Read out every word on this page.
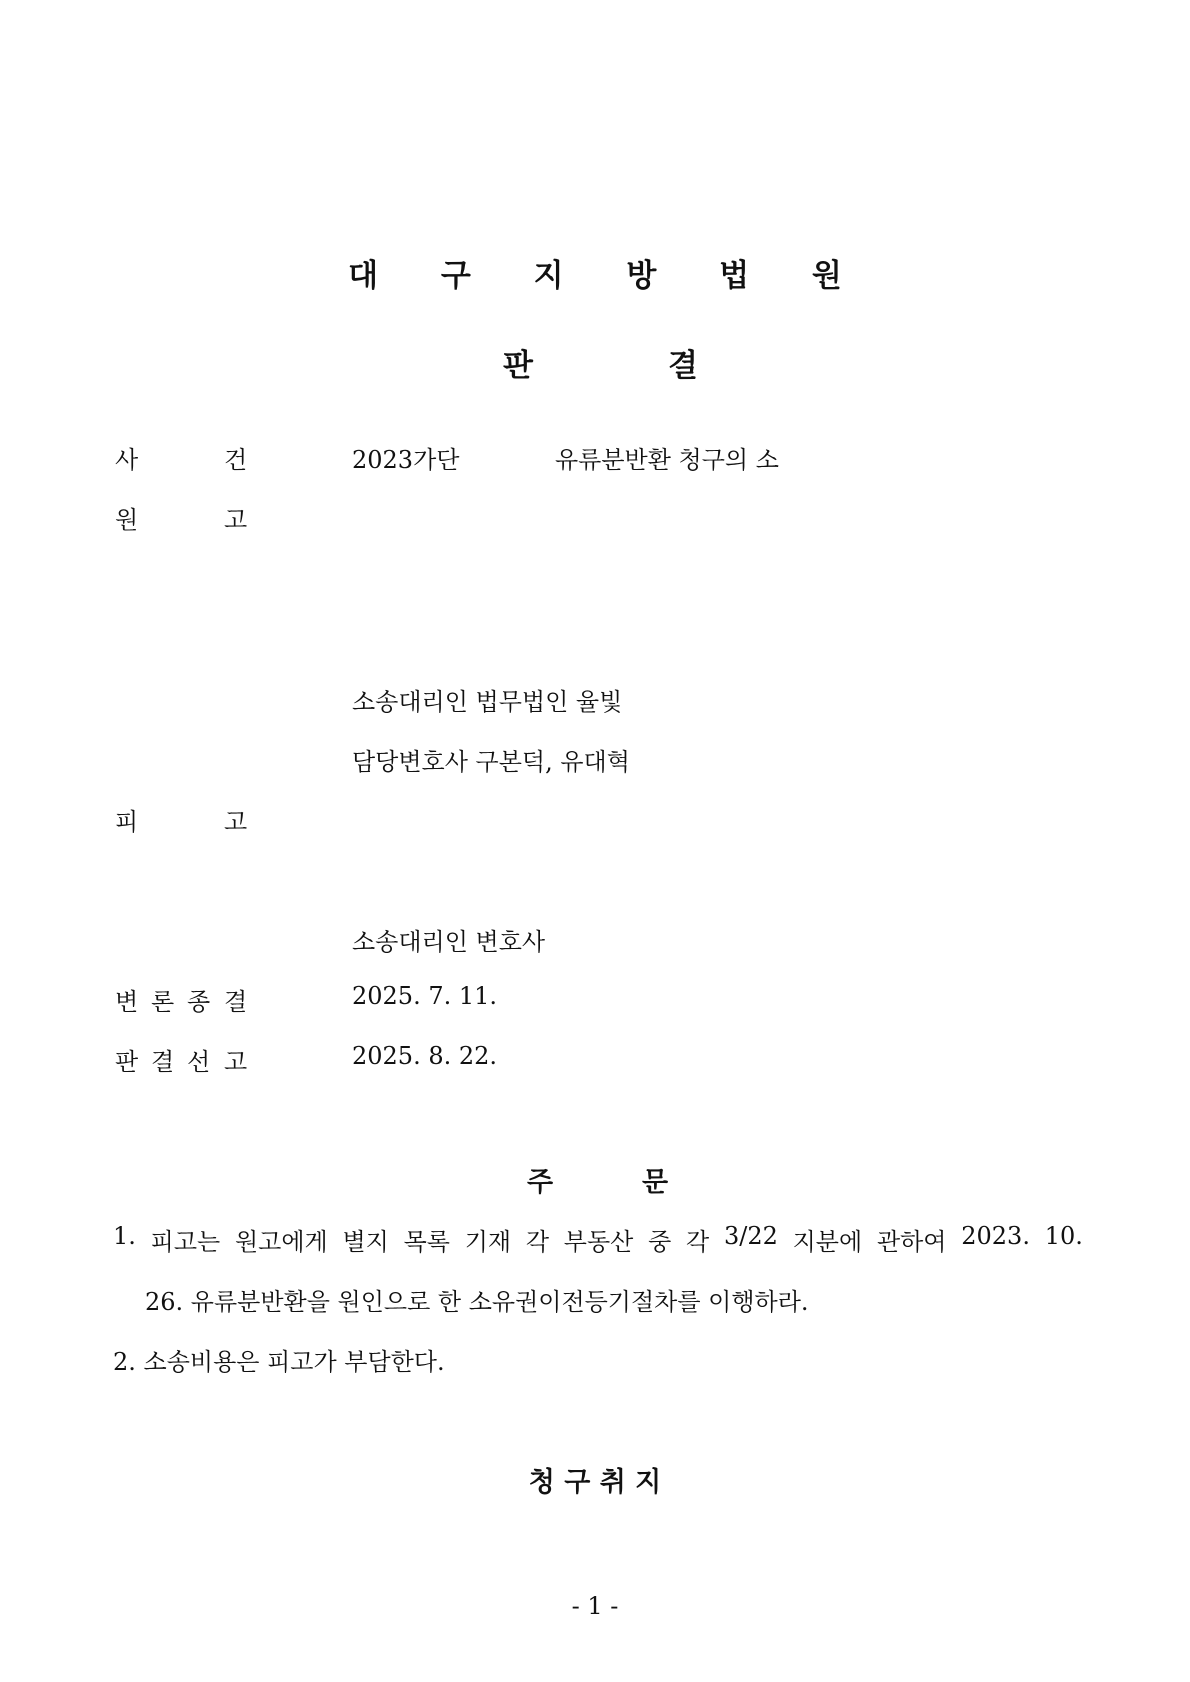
대 구 지 방 법 원
판	결
사	건	2023가단	유류분반환 청구의 소
원	고
소송대리인 법무법인 율빛
담당변호사 구본덕, 유대혁
피	고
소송대리인 변호사
변 론 종 결	2025. 7. 11.
판 결 선 고	2025. 8. 22.
주	문
1. 피고는 원고에게 별지 목록 기재 각 부동산 중 각 3/22 지분에 관하여 2023. 10.
26. 유류분반환을 원인으로 한 소유권이전등기절차를 이행하라.
2. 소송비용은 피고가 부담한다.
청 구 취 지
- 1 -
